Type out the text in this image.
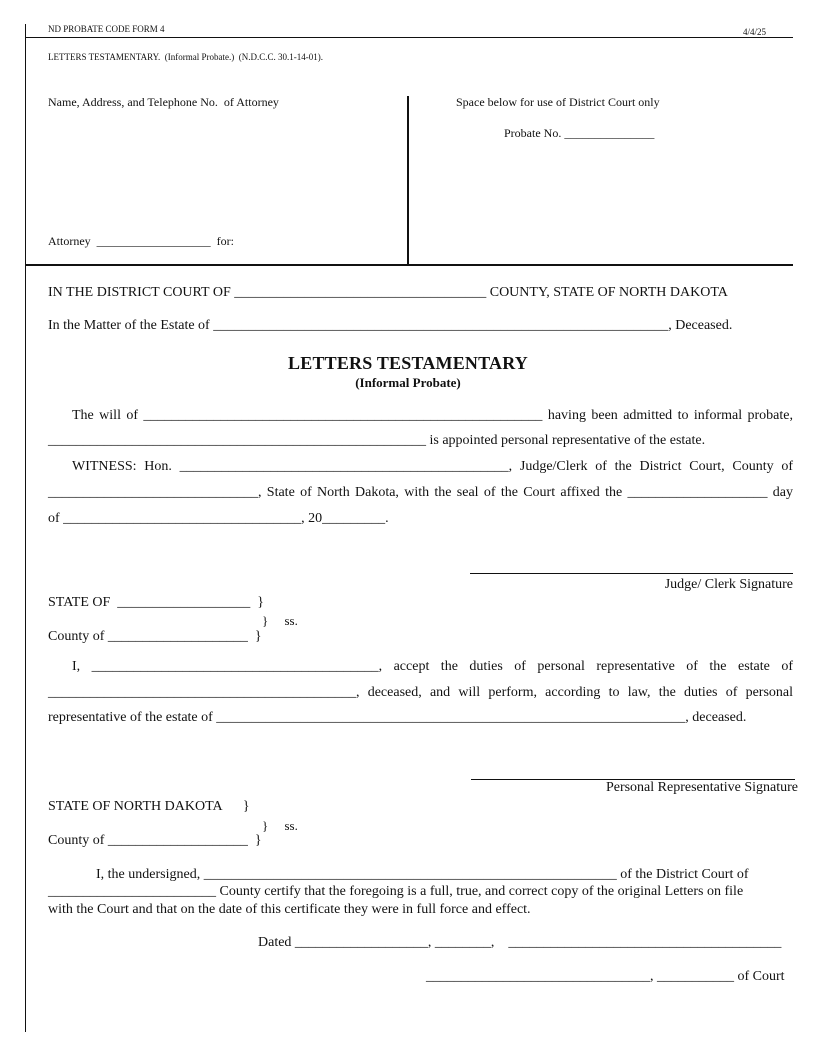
ND PROBATE CODE FORM 4	4/4/25
LETTERS TESTAMENTARY.  (Informal Probate.)  (N.D.C.C. 30.1-14-01).
Name, Address, and Telephone No.  of Attorney	Space below for use of District Court only
Probate No. _______________
Attorney  ___________________  for:
IN THE DISTRICT COURT OF ____________________________________ COUNTY, STATE OF NORTH DAKOTA
In the Matter of the Estate of _________________________________________________________________, Deceased.
LETTERS TESTAMENTARY
(Informal Probate)
The will of _________________________________________________________ having been admitted to informal probate,
______________________________________________________ is appointed personal representative of the estate.
WITNESS: Hon. _______________________________________________, Judge/Clerk of the District Court, County of
______________________________, State of North Dakota, with the seal of the Court affixed the ____________________ day
of __________________________________, 20_________.
Judge/ Clerk Signature
STATE OF  ___________________  }
}     ss.
County of ____________________  }
I, _________________________________________, accept the duties of personal representative of the estate of
____________________________________________, deceased, and will perform, according to law, the duties of personal
representative of the estate of ___________________________________________________________________, deceased.
Personal Representative Signature
STATE OF NORTH DAKOTA      }
}     ss.
County of ____________________  }
I, the undersigned, ___________________________________________________________ of the District Court of
________________________ County certify that the foregoing is a full, true, and correct copy of the original Letters on file
with the Court and that on the date of this certificate they were in full force and effect.
Dated ___________________, ________,    _______________________________________
________________________________, ___________ of Court
